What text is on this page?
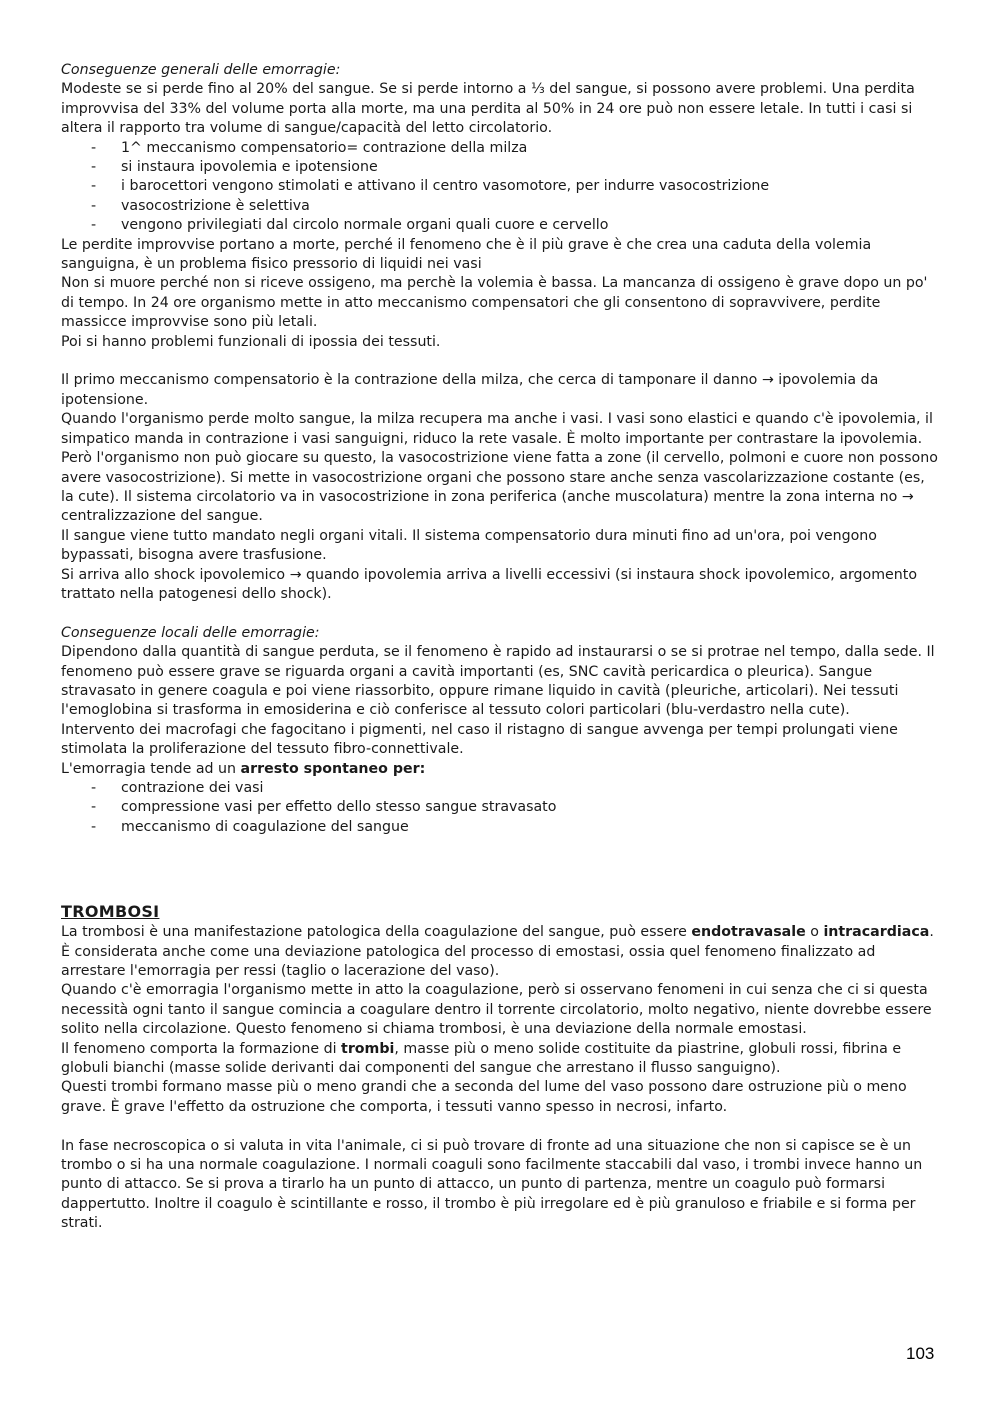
Conseguenze generali delle emorragie:

Modeste se si perde fino al 20% del sangue. Se si perde intorno a ⅓ del sangue, si possono avere problemi. Una perdita improvvisa del 33% del volume porta alla morte, ma una perdita al 50% in 24 ore può non essere letale. In tutti i casi si altera il rapporto tra volume di sangue/capacità del letto circolatorio.

- 1^ meccanismo compensatorio= contrazione della milza
- si instaura ipovolemia e ipotensione
- i barocettori vengono stimolati e attivano il centro vasomotore, per indurre vasocostrizione
- vasocostrizione è selettiva
- vengono privilegiati dal circolo normale organi quali cuore e cervello

Le perdite improvvise portano a morte, perché il fenomeno che è il più grave è che crea una caduta della volemia sanguigna, è un problema fisico pressorio di liquidi nei vasi

Non si muore perché non si riceve ossigeno, ma perchè la volemia è bassa. La mancanza di ossigeno è grave dopo un po' di tempo. In 24 ore organismo mette in atto meccanismo compensatori che gli consentono di sopravvivere, perdite massicce improvvise sono più letali.

Poi si hanno problemi funzionali di ipossia dei tessuti.

Il primo meccanismo compensatorio è la contrazione della milza, che cerca di tamponare il danno → ipovolemia da ipotensione.

Quando l'organismo perde molto sangue, la milza recupera ma anche i vasi. I vasi sono elastici e quando c'è ipovolemia, il simpatico manda in contrazione i vasi sanguigni, riduco la rete vasale. È molto importante per contrastare la ipovolemia.

Però l'organismo non può giocare su questo, la vasocostrizione viene fatta a zone (il cervello, polmoni e cuore non possono avere vasocostrizione). Si mette in vasocostrizione organi che possono stare anche senza vascolarizzazione costante (es, la cute). Il sistema circolatorio va in vasocostrizione in zona periferica (anche muscolatura) mentre la zona interna no → centralizzazione del sangue.

Il sangue viene tutto mandato negli organi vitali. Il sistema compensatorio dura minuti fino ad un'ora, poi vengono bypassati, bisogna avere trasfusione.

Si arriva allo shock ipovolemico → quando ipovolemia arriva a livelli eccessivi (si instaura shock ipovolemico, argomento trattato nella patogenesi dello shock).

Conseguenze locali delle emorragie:

Dipendono dalla quantità di sangue perduta, se il fenomeno è rapido ad instaurarsi o se si protrae nel tempo, dalla sede. Il fenomeno può essere grave se riguarda organi a cavità importanti (es, SNC cavità pericardica o pleurica). Sangue stravasato in genere coagula e poi viene riassorbito, oppure rimane liquido in cavità (pleuriche, articolari). Nei tessuti l'emoglobina si trasforma in emosiderina e ciò conferisce al tessuto colori particolari (blu-verdastro nella cute).

Intervento dei macrofagi che fagocitano i pigmenti, nel caso il ristagno di sangue avvenga per tempi prolungati viene stimolata la proliferazione del tessuto fibro-connettivale.

L'emorragia tende ad un arresto spontaneo per:

- contrazione dei vasi
- compressione vasi per effetto dello stesso sangue stravasato
- meccanismo di coagulazione del sangue

TROMBOSI

La trombosi è una manifestazione patologica della coagulazione del sangue, può essere endotravasale o intracardiaca. È considerata anche come una deviazione patologica del processo di emostasi, ossia quel fenomeno finalizzato ad arrestare l'emorragia per ressi (taglio o lacerazione del vaso).

Quando c'è emorragia l'organismo mette in atto la coagulazione, però si osservano fenomeni in cui senza che ci si questa necessità ogni tanto il sangue comincia a coagulare dentro il torrente circolatorio, molto negativo, niente dovrebbe essere solito nella circolazione. Questo fenomeno si chiama trombosi, è una deviazione della normale emostasi.

Il fenomeno comporta la formazione di trombi, masse più o meno solide costituite da piastrine, globuli rossi, fibrina e globuli bianchi (masse solide derivanti dai componenti del sangue che arrestano il flusso sanguigno).

Questi trombi formano masse più o meno grandi che a seconda del lume del vaso possono dare ostruzione più o meno grave. È grave l'effetto da ostruzione che comporta, i tessuti vanno spesso in necrosi, infarto.

In fase necroscopica o si valuta in vita l'animale, ci si può trovare di fronte ad una situazione che non si capisce se è un trombo o si ha una normale coagulazione. I normali coaguli sono facilmente staccabili dal vaso, i trombi invece hanno un punto di attacco. Se si prova a tirarlo ha un punto di attacco, un punto di partenza, mentre un coagulo può formarsi dappertutto. Inoltre il coagulo è scintillante e rosso, il trombo è più irregolare ed è più granuloso e friabile e si forma per strati.

103
